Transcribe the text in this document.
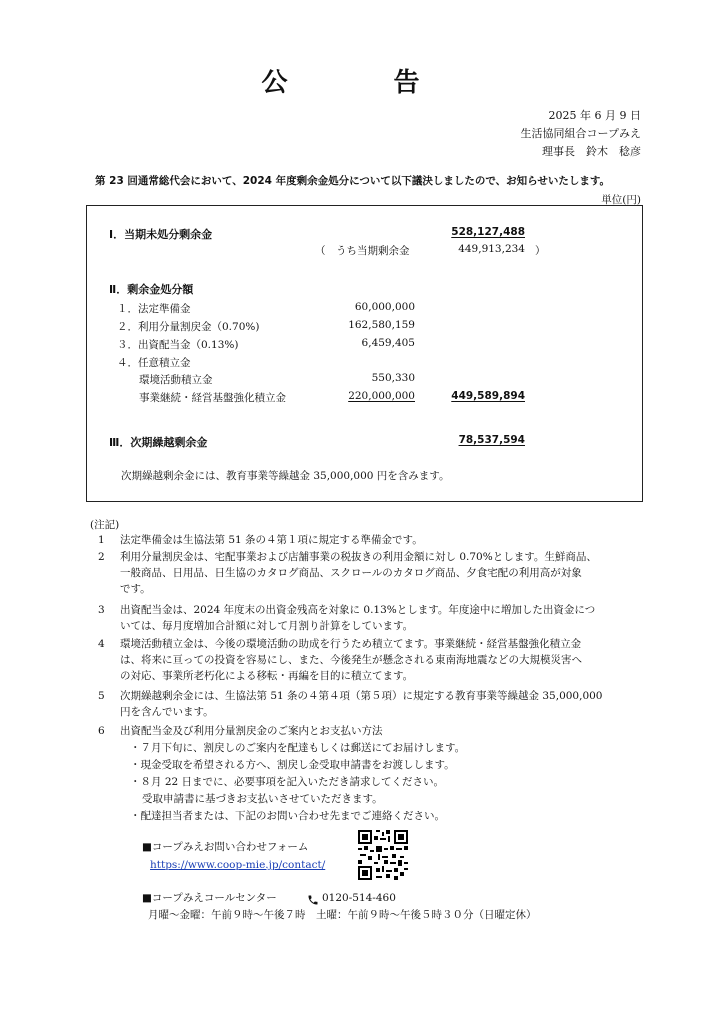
公　告
2025 年 6 月 9 日
生活協同組合コープみえ
理事長　鈴木　稔彦
第 23 回通常総代会において、2024 年度剰余金処分について以下議決しましたので、お知らせいたします。
単位(円)
Ⅰ．当期未処分剰余金	528,127,488
（　うち当期剰余金	449,913,234 ）
Ⅱ．剰余金処分額
１．法定準備金	60,000,000
２．利用分量割戻金（0.70%)	162,580,159
３．出資配当金（0.13%)	6,459,405
４．任意積立金
環境活動積立金	550,330
事業継続・経営基盤強化積立金	220,000,000	449,589,894
Ⅲ．次期繰越剰余金	78,537,594
次期繰越剰余金には、教育事業等繰越金 35,000,000 円を含みます。
(注記)
1 法定準備金は生協法第 51 条の４第１項に規定する準備金です。
2 利用分量割戻金は、宅配事業および店舗事業の税抜きの利用金額に対し 0.70%とします。生鮮商品、
一般商品、日用品、日生協のカタログ商品、スクロールのカタログ商品、夕食宅配の利用高が対象
です。
3 出資配当金は、2024 年度末の出資金残高を対象に 0.13%とします。年度途中に増加した出資金につ
いては、毎月度増加合計額に対して月割り計算をしています。
4 環境活動積立金は、今後の環境活動の助成を行うため積立てます。事業継続・経営基盤強化積立金
は、将来に亘っての投資を容易にし、また、今後発生が懸念される東南海地震などの大規模災害へ
の対応、事業所老朽化による移転・再編を目的に積立てます。
5 次期繰越剰余金には、生協法第 51 条の４第４項（第５項）に規定する教育事業等繰越金 35,000,000
円を含んでいます。
6 出資配当金及び利用分量割戻金のご案内とお支払い方法
・７月下旬に、割戻しのご案内を配達もしくは郵送にてお届けします。
・現金受取を希望される方へ、割戻し金受取申請書をお渡しします。
・８月 22 日までに、必要事項を記入いただき請求してください。
受取申請書に基づきお支払いさせていただきます。
・配達担当者または、下記のお問い合わせ先までご連絡ください。
■コープみえお問い合わせフォーム
https://www.coop-mie.jp/contact/
■コープみえコールセンター	0120-514-460
月曜～金曜：午前９時～午後７時　土曜：午前９時～午後５時３０分（日曜定休）
